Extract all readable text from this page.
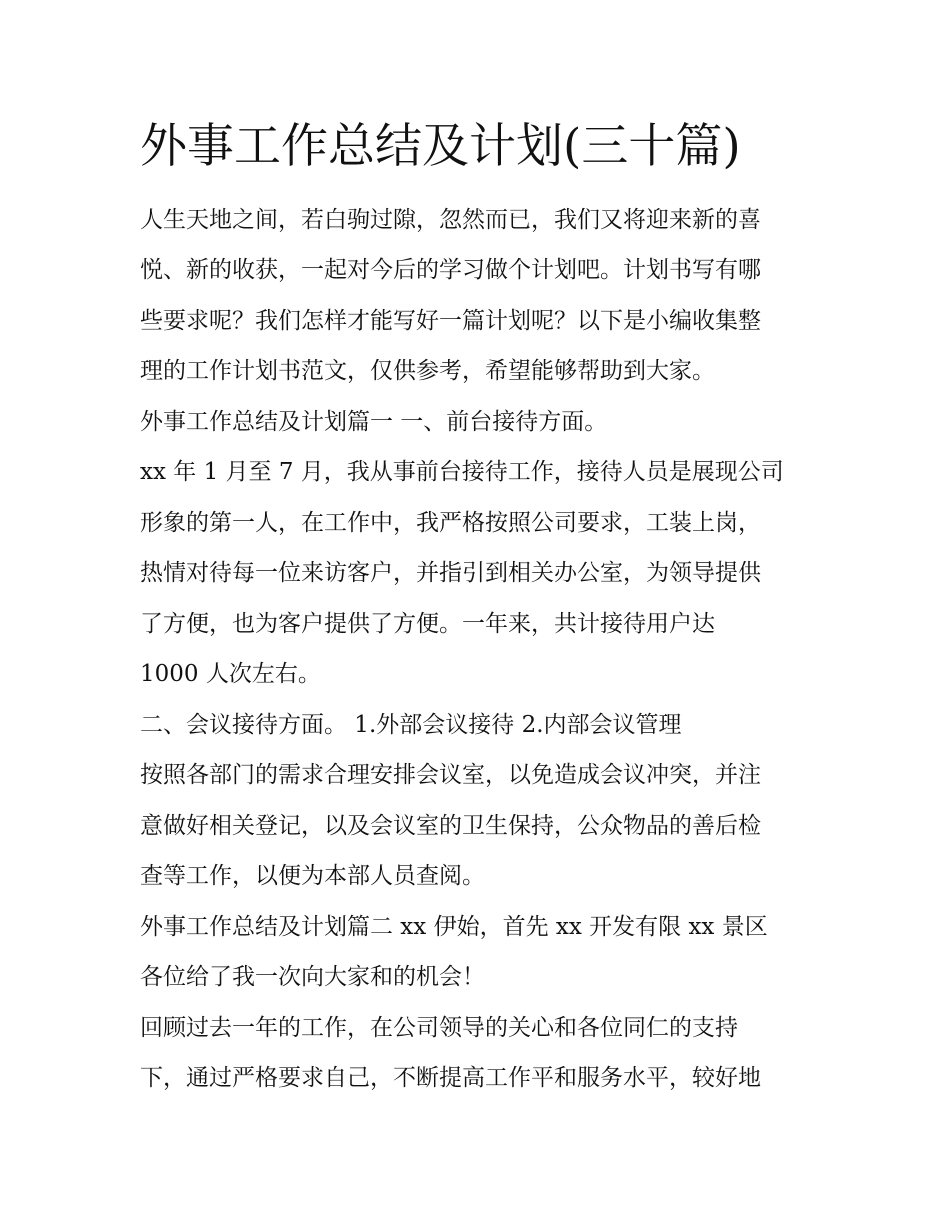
外事工作总结及计划(三十篇)

人生天地之间，若白驹过隙，忽然而已，我们又将迎来新的喜

悦、新的收获，一起对今后的学习做个计划吧。计划书写有哪

些要求呢？我们怎样才能写好一篇计划呢？以下是小编收集整

理的工作计划书范文，仅供参考，希望能够帮助到大家。

外事工作总结及计划篇一 一、前台接待方面。

xx 年 1 月至 7 月，我从事前台接待工作，接待人员是展现公司

形象的第一人，在工作中，我严格按照公司要求，工装上岗，

热情对待每一位来访客户，并指引到相关办公室，为领导提供

了方便，也为客户提供了方便。一年来，共计接待用户达

1000 人次左右。

二、会议接待方面。 1.外部会议接待 2.内部会议管理

按照各部门的需求合理安排会议室，以免造成会议冲突，并注

意做好相关登记，以及会议室的卫生保持，公众物品的善后检

查等工作，以便为本部人员查阅。

外事工作总结及计划篇二 xx 伊始，首先 xx 开发有限 xx 景区

各位给了我一次向大家和的机会！

回顾过去一年的工作，在公司领导的关心和各位同仁的支持

下，通过严格要求自己，不断提高工作平和服务水平，较好地
